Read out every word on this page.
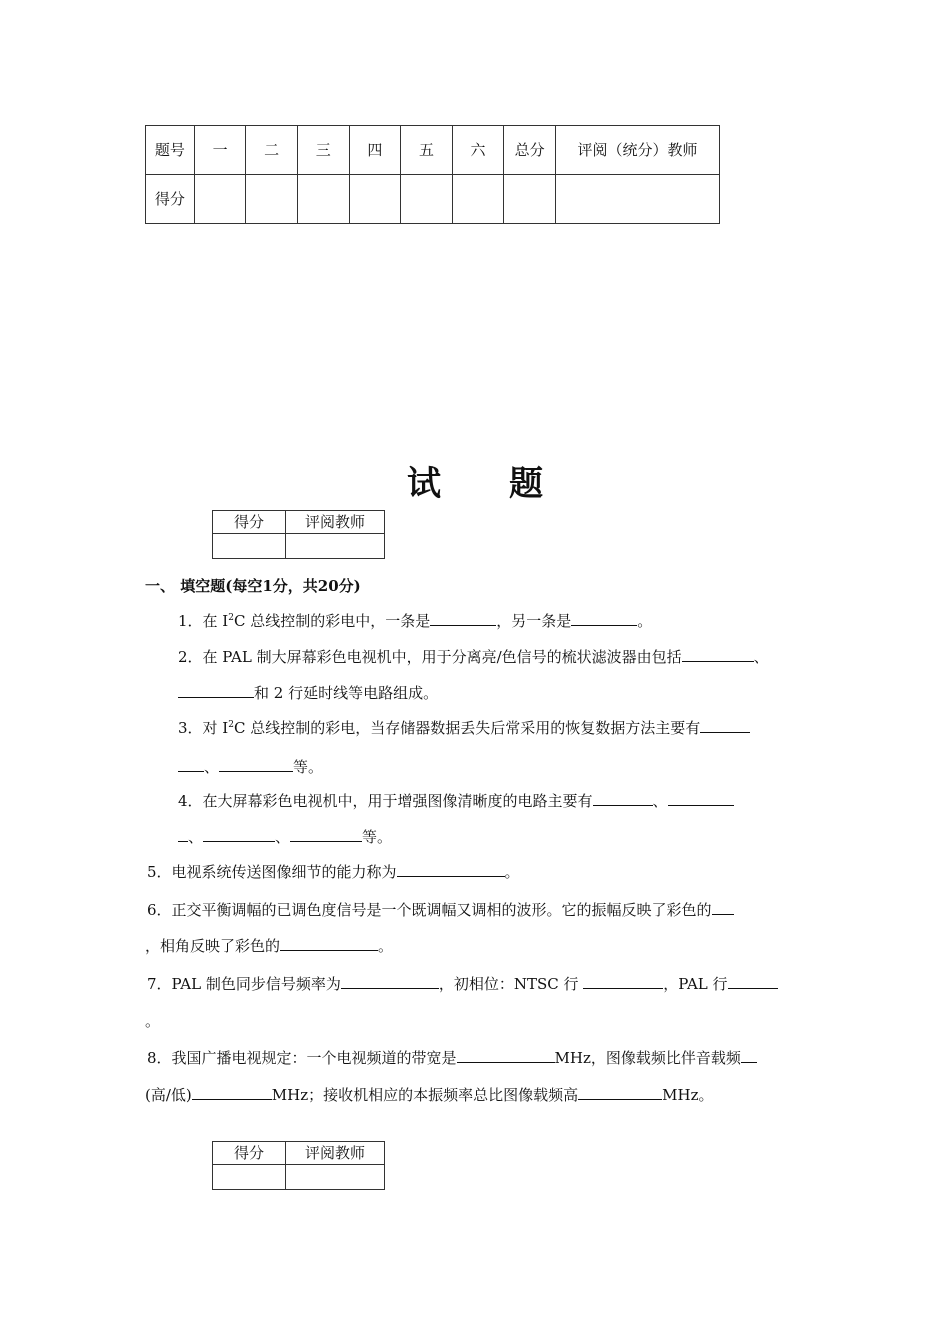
题号	一	二	三	四	五	六	总分	评阅（统分）教师
得分								
试 题
得分	评阅教师

一、 填空题(每空1分，共20分)
1．在 $I^2C$ 总线控制的彩电中，一条是	，另一条是	。
2．在 PAL 制大屏幕彩色电视机中，用于分离亮/色信号的梳状滤波器由包括	、
和 2 行延时线等电路组成。
3．对 $I^2C$ 总线控制的彩电，当存储器数据丢失后常采用的恢复数据方法主要有
、	等。
4．在大屏幕彩色电视机中，用于增强图像清晰度的电路主要有	、
、	、	等。
5．电视系统传送图像细节的能力称为	。
6．正交平衡调幅的已调色度信号是一个既调幅又调相的波形。它的振幅反映了彩色的
，相角反映了彩色的	。
7．PAL 制色同步信号频率为	，初相位：NTSC 行	，PAL 行
。
8．我国广播电视规定：一个电视频道的带宽是	MHz，图像载频比伴音载频
(高/低)	MHz；接收机相应的本振频率总比图像载频高	MHz。
得分	评阅教师
